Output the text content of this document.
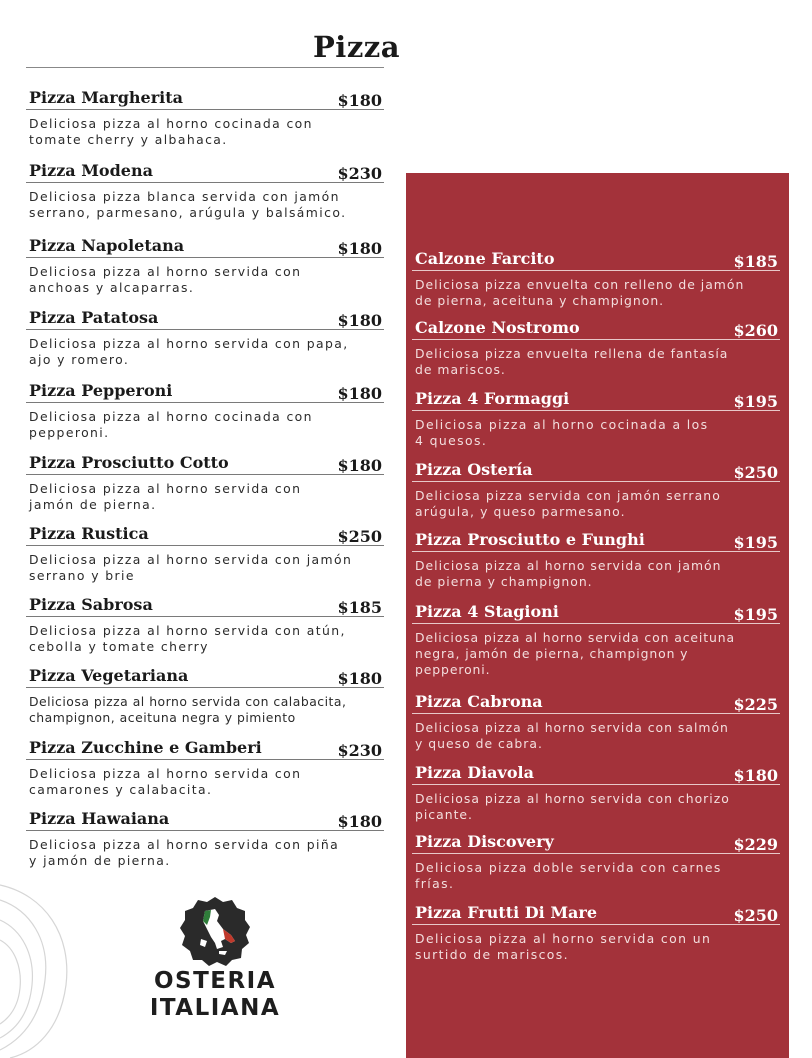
Pizza
Pizza Margherita	$180
Deliciosa pizza al horno cocinada con
tomate cherry y albahaca.
Pizza Modena	$230
Deliciosa pizza blanca servida con jamón
serrano, parmesano, arúgula y balsámico.
Pizza Napoletana	$180
Deliciosa pizza al horno servida con
anchoas y alcaparras.
Pizza Patatosa	$180
Deliciosa pizza al horno servida con papa,
ajo y romero.
Pizza Pepperoni	$180
Deliciosa pizza al horno cocinada con
pepperoni.
Pizza Prosciutto Cotto	$180
Deliciosa pizza al horno servida con
jamón de pierna.
Pizza Rustica	$250
Deliciosa pizza al horno servida con jamón
serrano y brie
Pizza Sabrosa	$185
Deliciosa pizza al horno servida con atún,
cebolla y tomate cherry
Pizza Vegetariana	$180
Deliciosa pizza al horno servida con calabacita,
champignon, aceituna negra y pimiento
Pizza Zucchine e Gamberi	$230
Deliciosa pizza al horno servida con
camarones y calabacita.
Pizza Hawaiana	$180
Deliciosa pizza al horno servida con piña
y jamón de pierna.
Calzone Farcito	$185
Deliciosa pizza envuelta con relleno de jamón
de pierna, aceituna y champignon.
Calzone Nostromo	$260
Deliciosa pizza envuelta rellena de fantasía
de mariscos.
Pizza 4 Formaggi	$195
Deliciosa pizza al horno cocinada a los
4 quesos.
Pizza Ostería	$250
Deliciosa pizza servida con jamón serrano
arúgula, y queso parmesano.
Pizza Prosciutto e Funghi	$195
Deliciosa pizza al horno servida con jamón
de pierna y champignon.
Pizza 4 Stagioni	$195
Deliciosa pizza al horno servida con aceituna
negra, jamón de pierna, champignon y
pepperoni.
Pizza Cabrona	$225
Deliciosa pizza al horno servida con salmón
y queso de cabra.
Pizza Diavola	$180
Deliciosa pizza al horno servida con chorizo
picante.
Pizza Discovery	$229
Deliciosa pizza doble servida con carnes
frías.
Pizza Frutti Di Mare	$250
Deliciosa pizza al horno servida con un
surtido de mariscos.
OSTERIA
ITALIANA
